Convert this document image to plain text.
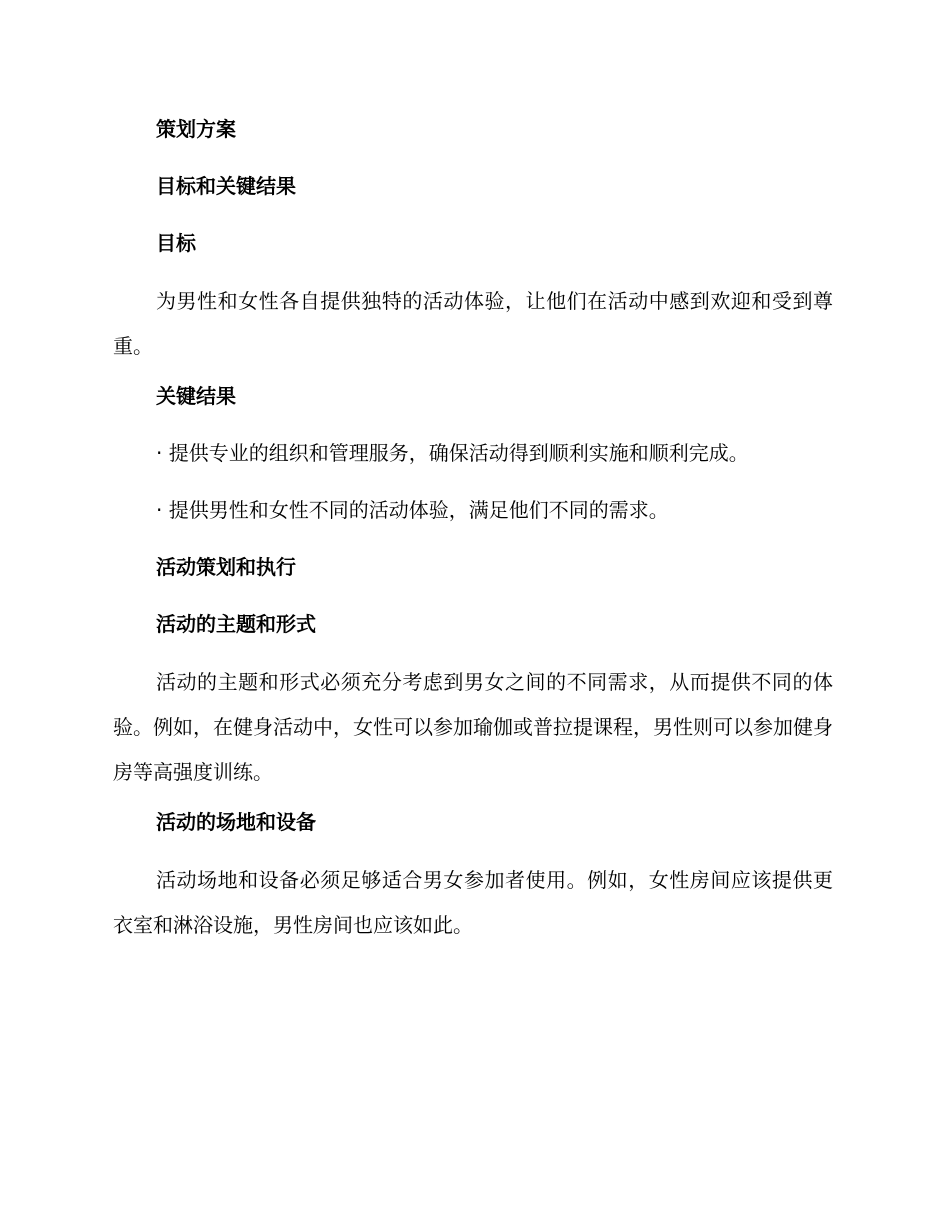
策划方案
目标和关键结果
目标

为男性和女性各自提供独特的活动体验，让他们在活动中感到欢迎和受到尊重。

关键结果
· 提供专业的组织和管理服务，确保活动得到顺利实施和顺利完成。
· 提供男性和女性不同的活动体验，满足他们不同的需求。
活动策划和执行
活动的主题和形式

活动的主题和形式必须充分考虑到男女之间的不同需求，从而提供不同的体验。例如，在健身活动中，女性可以参加瑜伽或普拉提课程，男性则可以参加健身房等高强度训练。

活动的场地和设备

活动场地和设备必须足够适合男女参加者使用。例如，女性房间应该提供更衣室和淋浴设施，男性房间也应该如此。
